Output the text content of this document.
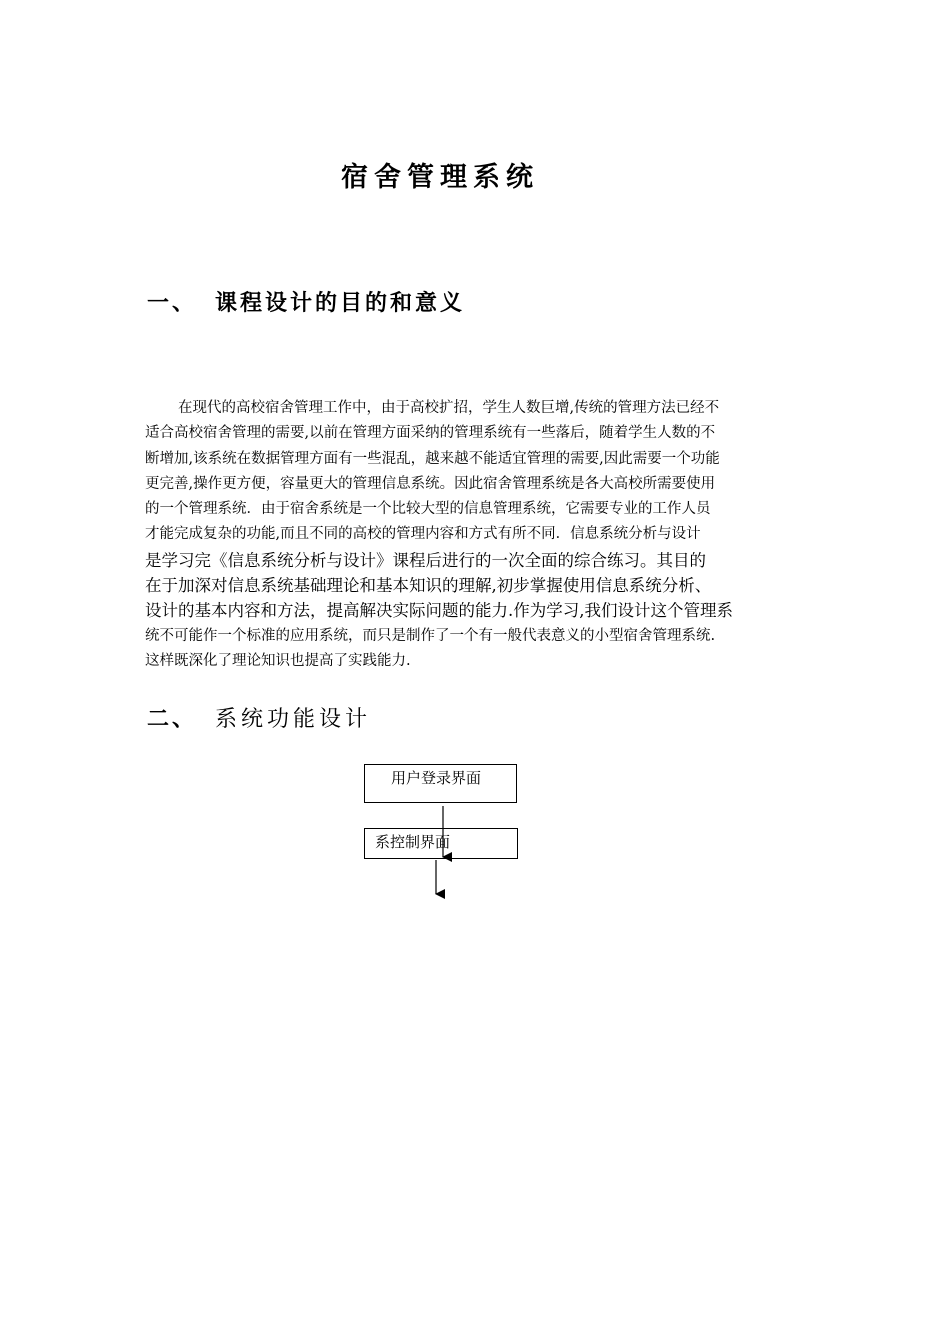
宿舍管理系统
一、 课程设计的目的和意义
在现代的高校宿舍管理工作中，由于高校扩招，学生人数巨增,传统的管理方法已经不
适合高校宿舍管理的需要,以前在管理方面采纳的管理系统有一些落后，随着学生人数的不
断增加,该系统在数据管理方面有一些混乱，越来越不能适宜管理的需要,因此需要一个功能
更完善,操作更方便，容量更大的管理信息系统。因此宿舍管理系统是各大高校所需要使用
的一个管理系统．由于宿舍系统是一个比较大型的信息管理系统，它需要专业的工作人员
才能完成复杂的功能,而且不同的高校的管理内容和方式有所不同．信息系统分析与设计
是学习完《信息系统分析与设计》课程后进行的一次全面的综合练习。其目的
在于加深对信息系统基础理论和基本知识的理解,初步掌握使用信息系统分析、
设计的基本内容和方法，提高解决实际问题的能力.作为学习,我们设计这个管理系
统不可能作一个标准的应用系统，而只是制作了一个有一般代表意义的小型宿舍管理系统.
这样既深化了理论知识也提高了实践能力.
二、 系统功能设计
用户登录界面
系控制界面
